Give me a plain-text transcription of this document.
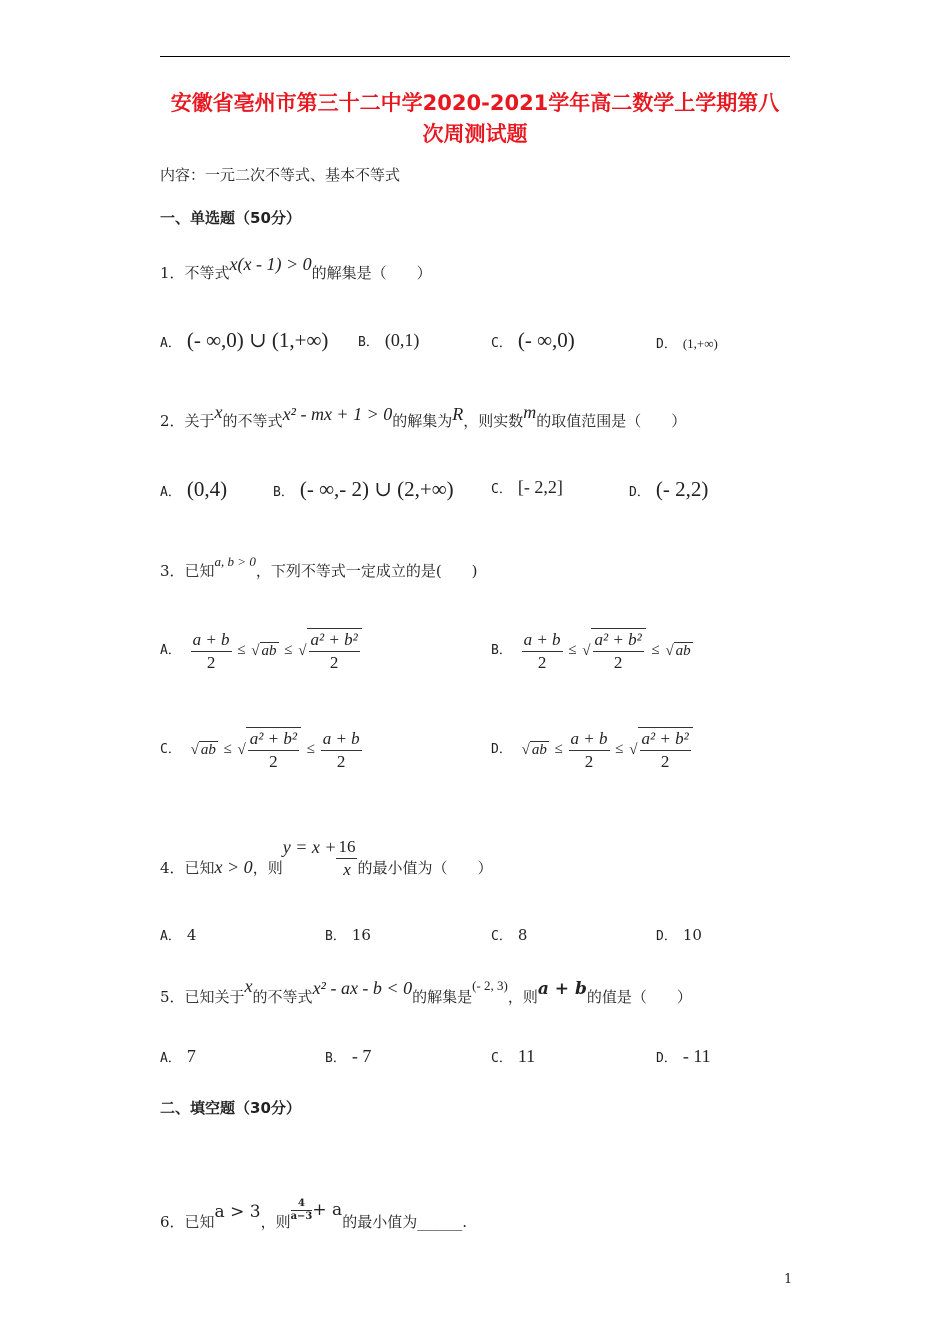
安徽省亳州市第三十二中学2020-2021学年高二数学上学期第八
次周测试题
内容：一元二次不等式、基本不等式
一、单选题（50分）
1．不等式x(x - 1) > 0的解集是（　　）
A． (- ∞,0) ∪ (1,+∞) B． (0,1)	C． (- ∞,0)	D． (1,+∞)
2．关于x的不等式x² - mx + 1 > 0的解集为R，则实数m的取值范围是（　　）
A． (0,4)	B． (- ∞,- 2) ∪ (2,+∞)	C． [- 2,2]	D． (- 2,2)
3．已知a, b > 0，下列不等式一定成立的是(　　)
A． $\frac{a + b}{2}$ ≤ √ ab ≤ √ $\frac{\text{a² + b²}}{2}$	B． $\frac{a + b}{2}$ ≤ √ $\frac{\text{a² + b²}}{2}$ ≤ √ ab
C． √ ab ≤ √ $\frac{\text{a² + b²}}{2} \le \frac{a + b}{2}$	D． √ ab ≤ $\frac{a + b}{2}$ ≤ √ $\frac{\text{a² + b²}}{2}$
4．已知x > 0，则$y = x + \frac{16}{x}$ 的最小值为（　　）
A． 4	B． 16	C． 8	D． 10
5．已知关于x的不等式x² - ax - b < 0的解集是(- 2, 3)，则a + b的值是（　　）
A． 7	B． - 7	C． 11	D． - 11
二、填空题（30分）
6．已知a > 3，则 $\frac{4}{a-3} + a$的最小值为______.
1
